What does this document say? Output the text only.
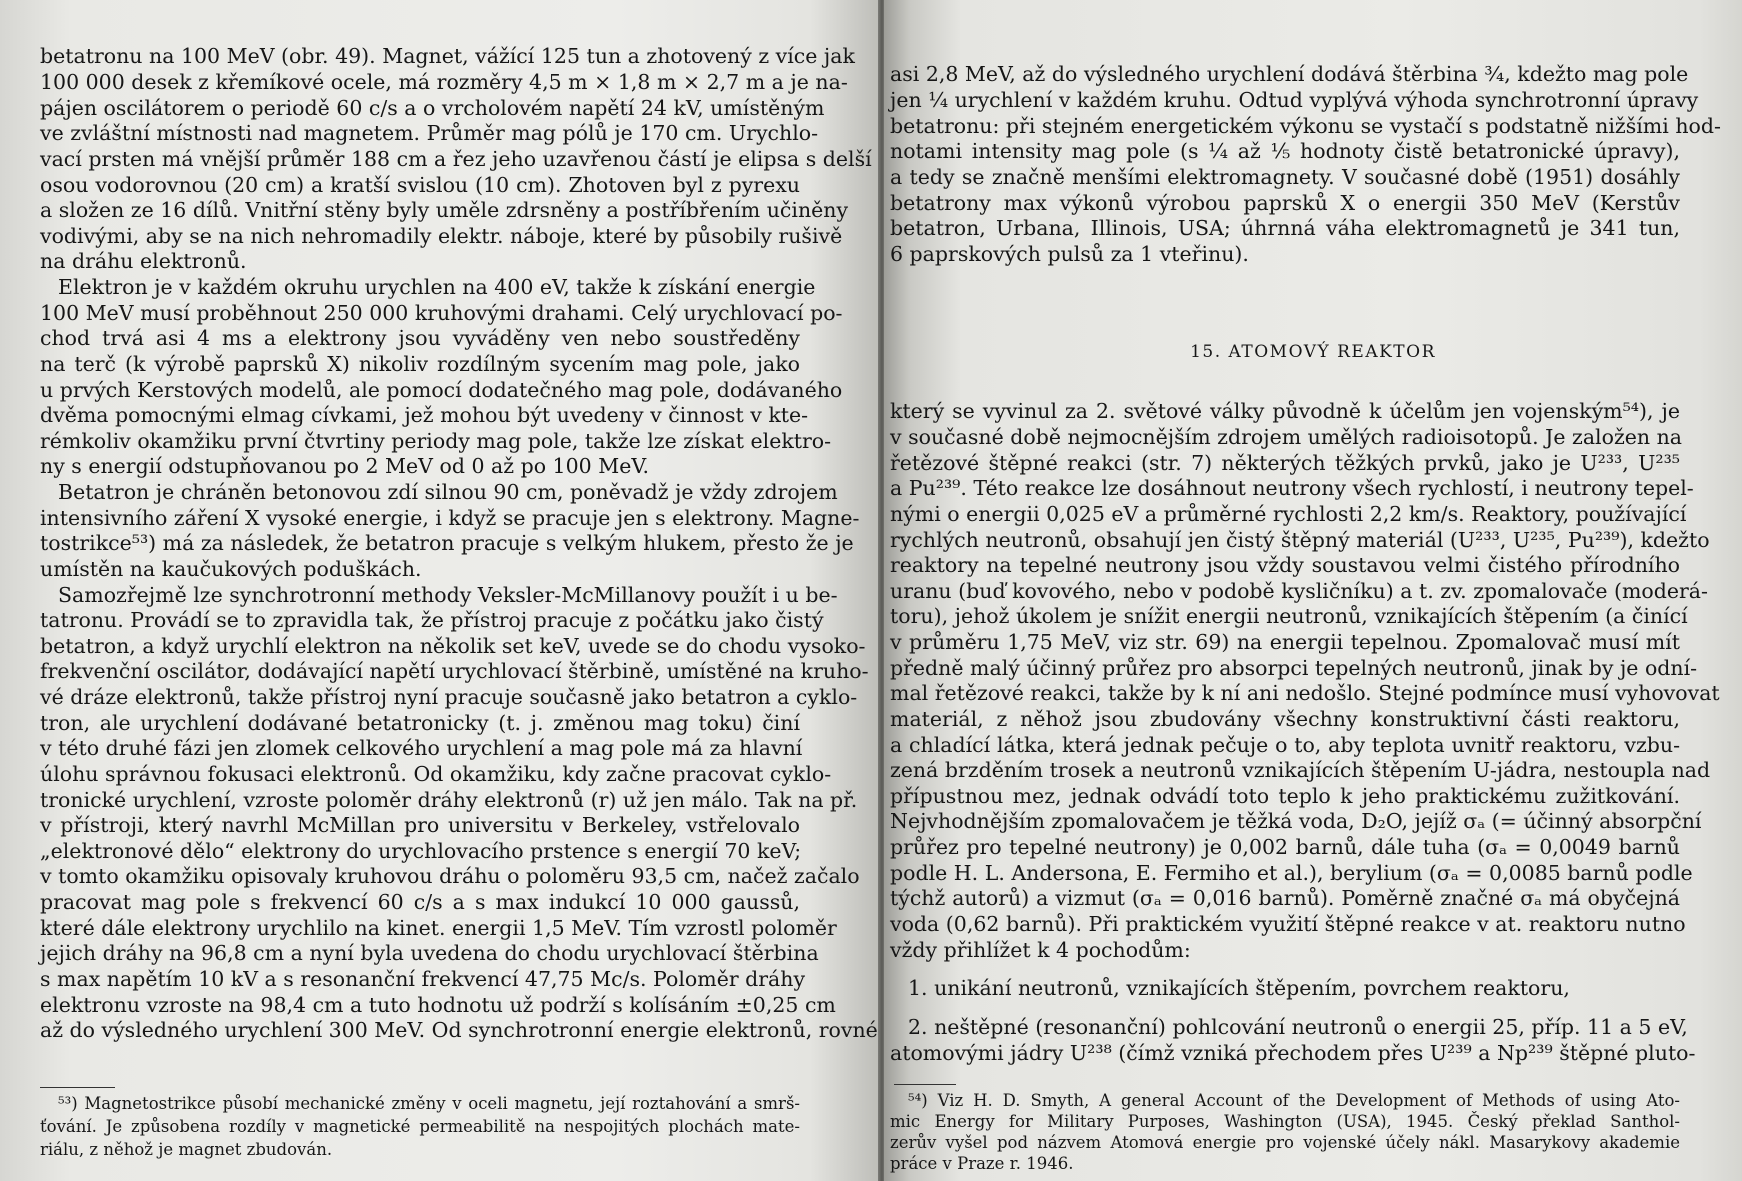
betatronu na 100 MeV (obr. 49). Magnet, vážící 125 tun a zhotovený z více jak
100 000 desek z křemíkové ocele, má rozměry 4,5 m × 1,8 m × 2,7 m a je na-
pájen oscilátorem o periodě 60 c/s a o vrcholovém napětí 24 kV, umístěným
ve zvláštní místnosti nad magnetem. Průměr mag pólů je 170 cm. Urychlo-
vací prsten má vnější průměr 188 cm a řez jeho uzavřenou částí je elipsa s delší
osou vodorovnou (20 cm) a kratší svislou (10 cm). Zhotoven byl z pyrexu
a složen ze 16 dílů. Vnitřní stěny byly uměle zdrsněny a postříbřením učiněny
vodivými, aby se na nich nehromadily elektr. náboje, které by působily rušivě
na dráhu elektronů.
Elektron je v každém okruhu urychlen na 400 eV, takže k získání energie
100 MeV musí proběhnout 250 000 kruhovými drahami. Celý urychlovací po-
chod trvá asi 4 ms a elektrony jsou vyváděny ven nebo soustředěny
na terč (k výrobě paprsků X) nikoliv rozdílným sycením mag pole, jako
u prvých Kerstových modelů, ale pomocí dodatečného mag pole, dodávaného
dvěma pomocnými elmag cívkami, jež mohou být uvedeny v činnost v kte-
rémkoliv okamžiku první čtvrtiny periody mag pole, takže lze získat elektro-
ny s energií odstupňovanou po 2 MeV od 0 až po 100 MeV.
Betatron je chráněn betonovou zdí silnou 90 cm, poněvadž je vždy zdrojem
intensivního záření X vysoké energie, i když se pracuje jen s elektrony. Magne-
tostrikce⁵³) má za následek, že betatron pracuje s velkým hlukem, přesto že je
umístěn na kaučukových poduškách.
Samozřejmě lze synchrotronní methody Veksler-McMillanovy použít i u be-
tatronu. Provádí se to zpravidla tak, že přístroj pracuje z počátku jako čistý
betatron, a když urychlí elektron na několik set keV, uvede se do chodu vysoko-
frekvenční oscilátor, dodávající napětí urychlovací štěrbině, umístěné na kruho-
vé dráze elektronů, takže přístroj nyní pracuje současně jako betatron a cyklo-
tron, ale urychlení dodávané betatronicky (t. j. změnou mag toku) činí
v této druhé fázi jen zlomek celkového urychlení a mag pole má za hlavní
úlohu správnou fokusaci elektronů. Od okamžiku, kdy začne pracovat cyklo-
tronické urychlení, vzroste poloměr dráhy elektronů (r) už jen málo. Tak na př.
v přístroji, který navrhl McMillan pro universitu v Berkeley, vstřelovalo
„elektronové dělo“ elektrony do urychlovacího prstence s energií 70 keV;
v tomto okamžiku opisovaly kruhovou dráhu o poloměru 93,5 cm, načež začalo
pracovat mag pole s frekvencí 60 c/s a s max indukcí 10 000 gaussů,
které dále elektrony urychlilo na kinet. energii 1,5 MeV. Tím vzrostl poloměr
jejich dráhy na 96,8 cm a nyní byla uvedena do chodu urychlovací štěrbina
s max napětím 10 kV a s resonanční frekvencí 47,75 Mc/s. Poloměr dráhy
elektronu vzroste na 98,4 cm a tuto hodnotu už podrží s kolísáním ±0,25 cm
až do výsledného urychlení 300 MeV. Od synchrotronní energie elektronů, rovné
⁵³) Magnetostrikce působí mechanické změny v oceli magnetu, její roztahování a smrš-
ťování. Je způsobena rozdíly v magnetické permeabilitě na nespojitých plochách mate-
riálu, z něhož je magnet zbudován.
asi 2,8 MeV, až do výsledného urychlení dodává štěrbina ¾, kdežto mag pole
jen ¼ urychlení v každém kruhu. Odtud vyplývá výhoda synchrotronní úpravy
betatronu: při stejném energetickém výkonu se vystačí s podstatně nižšími hod-
notami intensity mag pole (s ¼ až ⅕ hodnoty čistě betatronické úpravy),
a tedy se značně menšími elektromagnety. V současné době (1951) dosáhly
betatrony max výkonů výrobou paprsků X o energii 350 MeV (Kerstův
betatron, Urbana, Illinois, USA; úhrnná váha elektromagnetů je 341 tun,
6 paprskových pulsů za 1 vteřinu).
15. ATOMOVÝ REAKTOR
který se vyvinul za 2. světové války původně k účelům jen vojenským⁵⁴), je
v současné době nejmocnějším zdrojem umělých radioisotopů. Je založen na
řetězové štěpné reakci (str. 7) některých těžkých prvků, jako je U²³³, U²³⁵
a Pu²³⁹. Této reakce lze dosáhnout neutrony všech rychlostí, i neutrony tepel-
nými o energii 0,025 eV a průměrné rychlosti 2,2 km/s. Reaktory, používající
rychlých neutronů, obsahují jen čistý štěpný materiál (U²³³, U²³⁵, Pu²³⁹), kdežto
reaktory na tepelné neutrony jsou vždy soustavou velmi čistého přírodního
uranu (buď kovového, nebo v podobě kysličníku) a t. zv. zpomalovače (moderá-
toru), jehož úkolem je snížit energii neutronů, vznikajících štěpením (a činící
v průměru 1,75 MeV, viz str. 69) na energii tepelnou. Zpomalovač musí mít
předně malý účinný průřez pro absorpci tepelných neutronů, jinak by je odní-
mal řetězové reakci, takže by k ní ani nedošlo. Stejné podmínce musí vyhovovat
materiál, z něhož jsou zbudovány všechny konstruktivní části reaktoru,
a chladící látka, která jednak pečuje o to, aby teplota uvnitř reaktoru, vzbu-
zená brzděním trosek a neutronů vznikajících štěpením U-jádra, nestoupla nad
přípustnou mez, jednak odvádí toto teplo k jeho praktickému zužitkování.
Nejvhodnějším zpomalovačem je těžká voda, D₂O, jejíž σₐ (= účinný absorpční
průřez pro tepelné neutrony) je 0,002 barnů, dále tuha (σₐ = 0,0049 barnů
podle H. L. Andersona, E. Fermiho et al.), berylium (σₐ = 0,0085 barnů podle
týchž autorů) a vizmut (σₐ = 0,016 barnů). Poměrně značné σₐ má obyčejná
voda (0,62 barnů). Při praktickém využití štěpné reakce v at. reaktoru nutno
vždy přihlížet k 4 pochodům:
1. unikání neutronů, vznikajících štěpením, povrchem reaktoru,
2. neštěpné (resonanční) pohlcování neutronů o energii 25, příp. 11 a 5 eV,
atomovými jádry U²³⁸ (čímž vzniká přechodem přes U²³⁹ a Np²³⁹ štěpné pluto-
⁵⁴) Viz H. D. Smyth, A general Account of the Development of Methods of using Ato-
mic Energy for Military Purposes, Washington (USA), 1945. Český překlad Santhol-
zerův vyšel pod názvem Atomová energie pro vojenské účely nákl. Masarykovy akademie
práce v Praze r. 1946.
